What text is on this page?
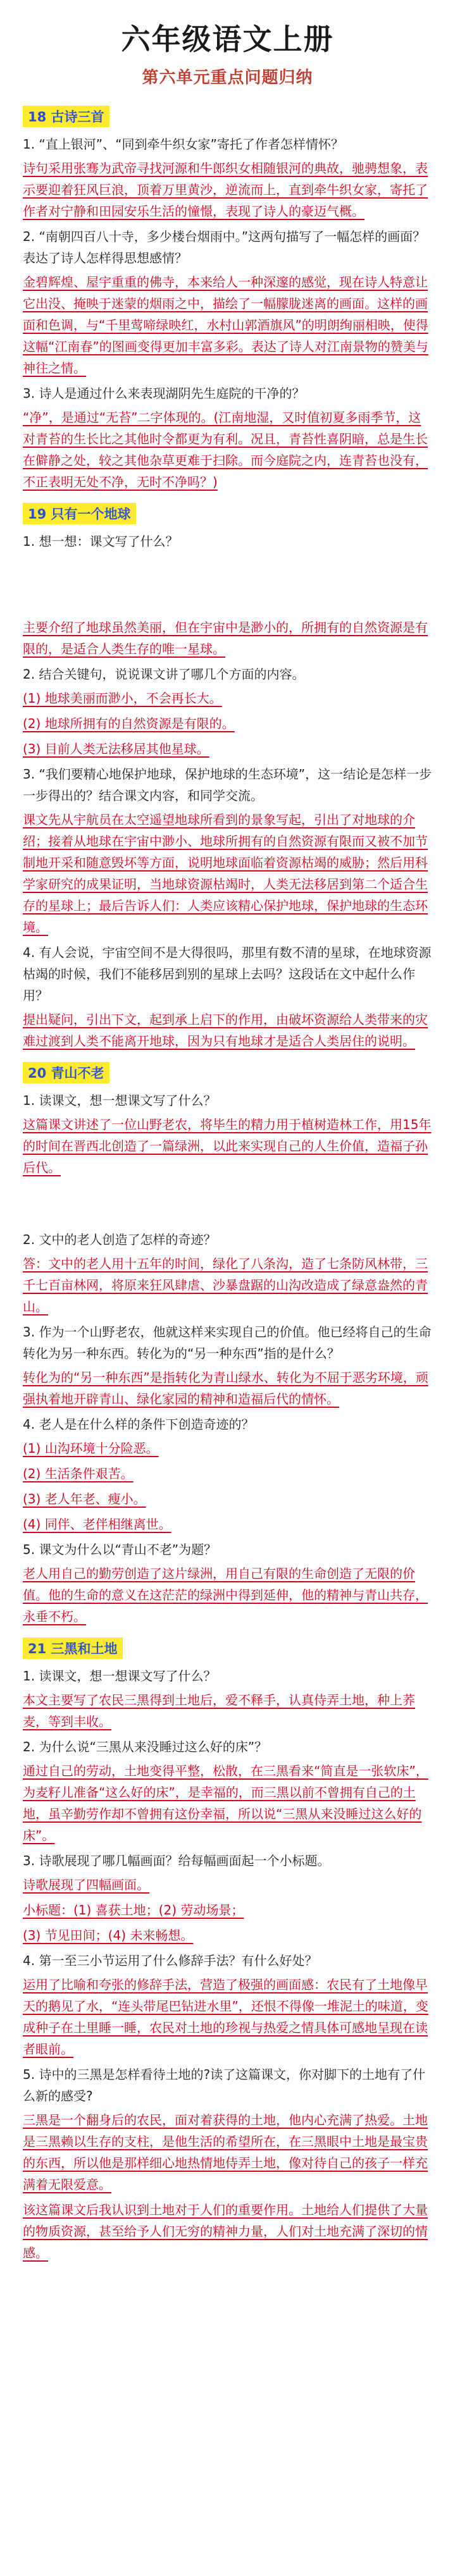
六年级语文上册
第六单元重点问题归纳
18 古诗三首

1. “直上银河”、“同到牵牛织女家”寄托了作者怎样情怀？

诗句采用张骞为武帝寻找河源和牛郎织女相随银河的典故，驰骋想象，表示要迎着狂风巨浪，顶着万里黄沙，逆流而上，直到牵牛织女家，寄托了作者对宁静和田园安乐生活的憧憬，表现了诗人的豪迈气概。

2. “南朝四百八十寺，多少楼台烟雨中。”这两句描写了一幅怎样的画面？表达了诗人怎样得思想感情？

金碧辉煌、屋宇重重的佛寺，本来给人一种深邃的感觉，现在诗人特意让它出没、掩映于迷蒙的烟雨之中，描绘了一幅朦胧迷离的画面。这样的画面和色调，与“千里莺啼绿映红，水村山郭酒旗风”的明朗绚丽相映，使得这幅“江南春”的图画变得更加丰富多彩。表达了诗人对江南景物的赞美与神往之情。

3. 诗人是通过什么来表现湖阴先生庭院的干净的？

“净”，是通过“无苔”二字体现的。(江南地湿，又时值初夏多雨季节，这对青苔的生长比之其他时令都更为有利。况且，青苔性喜阴暗，总是生长在僻静之处，较之其他杂草更难于扫除。而今庭院之内，连青苔也没有，不正表明无处不净，无时不净吗？)

19 只有一个地球

1. 想一想：课文写了什么？

主要介绍了地球虽然美丽，但在宇宙中是渺小的，所拥有的自然资源是有限的，是适合人类生存的唯一星球。

2. 结合关键句，说说课文讲了哪几个方面的内容。

(1) 地球美丽而渺小，不会再长大。

(2) 地球所拥有的自然资源是有限的。

(3) 目前人类无法移居其他星球。

3. “我们要精心地保护地球，保护地球的生态环境”，这一结论是怎样一步一步得出的？结合课文内容，和同学交流。

课文先从宇航员在太空遥望地球所看到的景象写起，引出了对地球的介绍；接着从地球在宇宙中渺小、地球所拥有的自然资源有限而又被不加节制地开采和随意毁坏等方面，说明地球面临着资源枯竭的威胁；然后用科学家研究的成果证明，当地球资源枯竭时，人类无法移居到第二个适合生存的星球上；最后告诉人们：人类应该精心保护地球，保护地球的生态环境。

4. 有人会说，宇宙空间不是大得很吗，那里有数不清的星球，在地球资源枯竭的时候，我们不能移居到别的星球上去吗？这段话在文中起什么作用？

提出疑问，引出下文，起到承上启下的作用，由破坏资源给人类带来的灾难过渡到人类不能离开地球，因为只有地球才是适合人类居住的说明。

20 青山不老

1. 读课文，想一想课文写了什么？

这篇课文讲述了一位山野老农，将毕生的精力用于植树造林工作，用15年的时间在晋西北创造了一篇绿洲，以此来实现自己的人生价值，造福子孙后代。

2. 文中的老人创造了怎样的奇迹？

答：文中的老人用十五年的时间，绿化了八条沟，造了七条防风林带，三千七百亩林网，将原来狂风肆虐、沙暴盘踞的山沟改造成了绿意盎然的青山。

3. 作为一个山野老农，他就这样来实现自己的价值。他已经将自己的生命转化为另一种东西。转化为的“另一种东西”指的是什么？

转化为的“另一种东西”是指转化为青山绿水、转化为不屈于恶劣环境，顽强执着地开辟青山、绿化家园的精神和造福后代的情怀。

4. 老人是在什么样的条件下创造奇迹的？

(1) 山沟环境十分险恶。

(2) 生活条件艰苦。

(3) 老人年老、瘦小。

(4) 同伴、老伴相继离世。

5. 课文为什么以“青山不老”为题？

老人用自己的勤劳创造了这片绿洲，用自己有限的生命创造了无限的价值。他的生命的意义在这茫茫的绿洲中得到延伸，他的精神与青山共存，永垂不朽。

21 三黑和土地

1. 读课文，想一想课文写了什么？

本文主要写了农民三黑得到土地后，爱不释手，认真侍弄土地，种上荞麦，等到丰收。

2. 为什么说“三黑从来没睡过这么好的床”？

通过自己的劳动，土地变得平整，松散，在三黑看来“简直是一张软床”，为麦籽儿准备“这么好的床”，是幸福的，而三黑以前不曾拥有自己的土地，虽辛勤劳作却不曾拥有这份幸福，所以说“三黑从来没睡过这么好的床”。

3. 诗歌展现了哪几幅画面？给每幅画面起一个小标题。

诗歌展现了四幅画面。

小标题：(1) 喜获土地；(2) 劳动场景；

(3) 节见田间；(4) 未来畅想。

4. 第一至三小节运用了什么修辞手法？有什么好处？

运用了比喻和夸张的修辞手法，营造了极强的画面感：农民有了土地像早天的鹅见了水，“连头带尾巴钻进水里”，还恨不得像一堆泥土的味道，变成种子在土里睡一睡，农民对土地的珍视与热爱之情具体可感地呈现在读者眼前。

5. 诗中的三黑是怎样看待土地的?读了这篇课文，你对脚下的土地有了什么新的感受?

三黑是一个翻身后的农民，面对着获得的土地，他内心充满了热爱。土地是三黑赖以生存的支柱，是他生活的希望所在，在三黑眼中土地是最宝贵的东西，所以他是那样细心地热情地侍弄土地，像对待自己的孩子一样充满着无限爱意。

该这篇课文后我认识到土地对于人们的重要作用。土地给人们提供了大量的物质资源，甚至给予人们无穷的精神力量，人们对土地充满了深切的情感。
